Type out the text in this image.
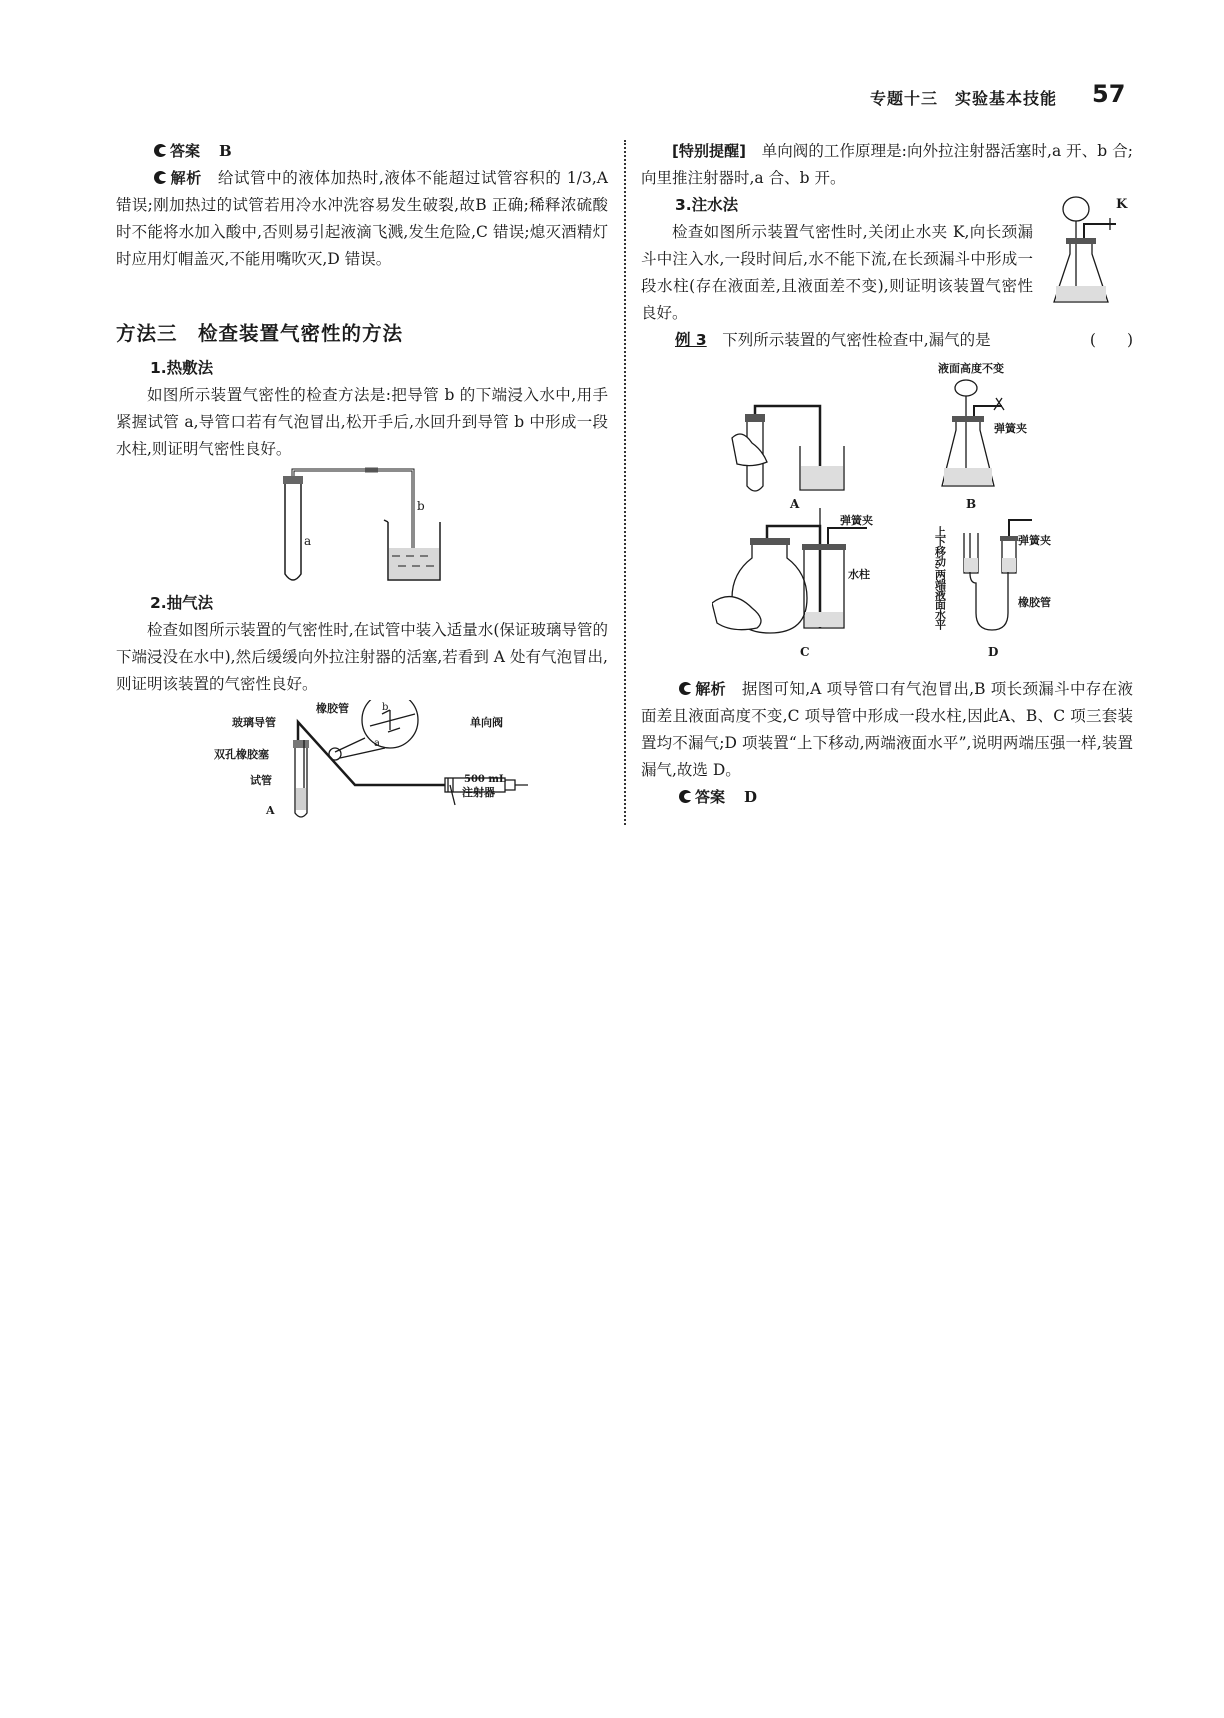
专题十三　实验基本技能 57
答案 B

解析　 给试管中的液体加热时,液体不能超过试管容积的 1/3,A 错误;刚加热过的试管若用冷水冲洗容易发生破裂,故B 正确;稀释浓硫酸时不能将水加入酸中,否则易引起液滴飞溅,发生危险,C 错误;熄灭酒精灯时应用灯帽盖灭,不能用嘴吹灭,D 错误。

方法三　检查装置气密性的方法

1.热敷法

如图所示装置气密性的检查方法是:把导管 b 的下端浸入水中,用手紧握试管 a,导管口若有气泡冒出,松开手后,水回升到导管 b 中形成一段水柱,则证明气密性良好。

a
b

2.抽气法

检查如图所示装置的气密性时,在试管中装入适量水(保证玻璃导管的下端浸没在水中),然后缓缓向外拉注射器的活塞,若看到 A 处有气泡冒出,则证明该装置的气密性良好。

玻璃导管
橡胶管
双孔橡胶塞
试管
A
单向阀
b
a
500 mL
注射器

[特别提醒]　 单向阀的工作原理是:向外拉注射器活塞时,a 开、b 合;向里推注射器时,a 合、b 开。

3.注水法

检查如图所示装置气密性时,关闭止水夹 K,向长颈漏斗中注入水,一段时间后,水不能下流,在长颈漏斗中形成一段水柱(存在液面差,且液面差不变),则证明该装置气密性良好。

K

例 3　 下列所示装置的气密性检查中,漏气的是	(　　)

A
液面高度不变
弹簧夹
B
弹簧夹
水柱
C
上下移动,两端液面水平	弹簧夹
橡胶管
D

解析　 据图可知,A 项导管口有气泡冒出,B 项长颈漏斗中存在液面差且液面高度不变,C 项导管中形成一段水柱,因此A、B、C 项三套装置均不漏气;D 项装置“上下移动,两端液面水平”,说明两端压强一样,装置漏气,故选 D。

答案 D
